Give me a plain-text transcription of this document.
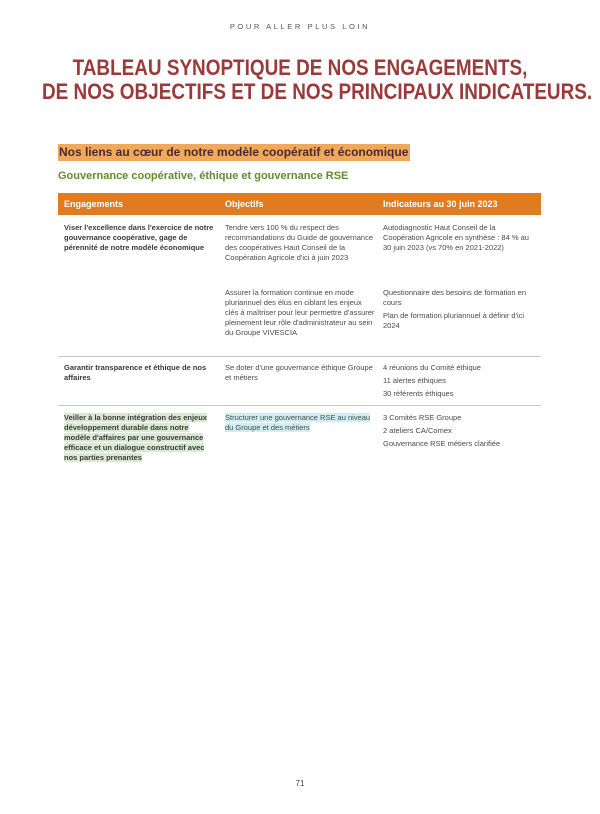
POUR ALLER PLUS LOIN
TABLEAU SYNOPTIQUE DE NOS ENGAGEMENTS,
DE NOS OBJECTIFS ET DE NOS PRINCIPAUX INDICATEURS.
Nos liens au cœur de notre modèle coopératif et économique
Gouvernance coopérative, éthique et gouvernance RSE
Engagements	Objectifs	Indicateurs au 30 juin 2023
Viser l'excellence dans l'exercice de notre gouvernance coopérative, gage de pérennité de notre modèle économique
Tendre vers 100 % du respect des recommandations du Guide de gouvernance des coopératives Haut Conseil de la Coopération Agricole d'ici à juin 2023

Autodiagnostic Haut Conseil de la Coopération Agricole en synthèse : 84 % au 30 juin 2023 (vs 70% en 2021-2022)

Assurer la formation continue en mode pluriannuel des élus en ciblant les enjeux clés à maîtriser pour leur permettre d'assurer pleinement leur rôle d'administrateur au sein du Groupe VIVESCIA

Questionnaire des besoins de formation en cours

Plan de formation pluriannuel à définir d'ici 2024

Garantir transparence et éthique de nos affaires
Se doter d'une gouvernance éthique Groupe et métiers

4 réunions du Comité éthique

11 alertes éthiques

30 référents éthiques

Veiller à la bonne intégration des enjeux développement durable dans notre modèle d'affaires par une gouvernance efficace et un dialogue constructif avec nos parties prenantes
Structurer une gouvernance RSE au niveau du Groupe et des métiers

3 Comités RSE Groupe

2 ateliers CA/Comex

Gouvernance RSE métiers clarifiée

71
